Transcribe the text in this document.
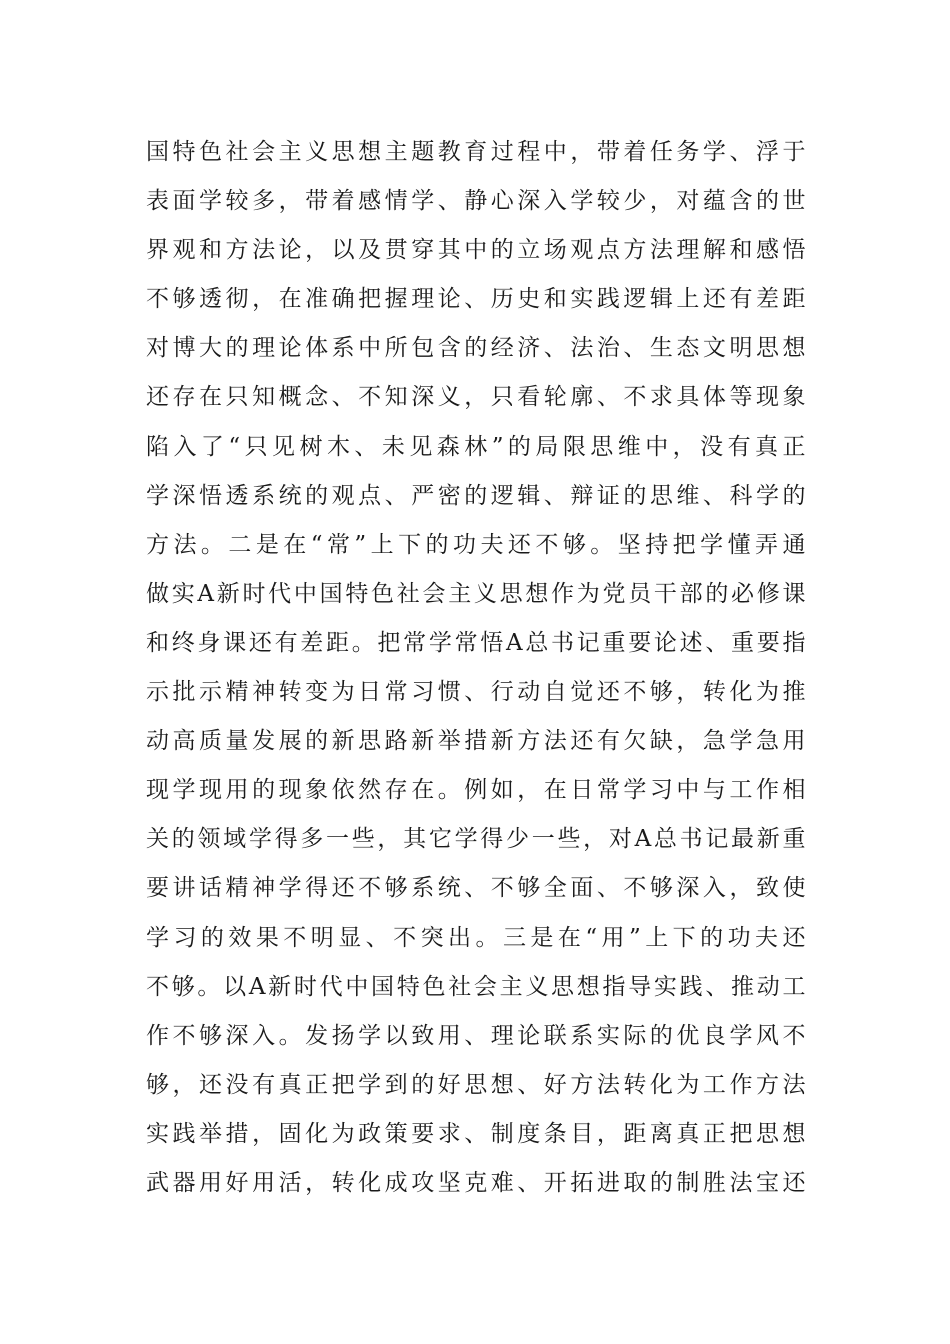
国特色社会主义思想主题教育过程中，带着任务学、浮于
表面学较多，带着感情学、静心深入学较少，对蕴含的世
界观和方法论，以及贯穿其中的立场观点方法理解和感悟
不够透彻，在准确把握理论、历史和实践逻辑上还有差距
对博大的理论体系中所包含的经济、法治、生态文明思想
还存在只知概念、不知深义，只看轮廓、不求具体等现象
陷入了“只见树木、未见森林”的局限思维中，没有真正
学深悟透系统的观点、严密的逻辑、辩证的思维、科学的
方法。二是在“常”上下的功夫还不够。坚持把学懂弄通
做实A新时代中国特色社会主义思想作为党员干部的必修课
和终身课还有差距。把常学常悟A总书记重要论述、重要指
示批示精神转变为日常习惯、行动自觉还不够，转化为推
动高质量发展的新思路新举措新方法还有欠缺，急学急用
现学现用的现象依然存在。例如，在日常学习中与工作相
关的领域学得多一些，其它学得少一些，对A总书记最新重
要讲话精神学得还不够系统、不够全面、不够深入，致使
学习的效果不明显、不突出。三是在“用”上下的功夫还
不够。以A新时代中国特色社会主义思想指导实践、推动工
作不够深入。发扬学以致用、理论联系实际的优良学风不
够，还没有真正把学到的好思想、好方法转化为工作方法
实践举措，固化为政策要求、制度条目，距离真正把思想
武器用好用活，转化成攻坚克难、开拓进取的制胜法宝还
